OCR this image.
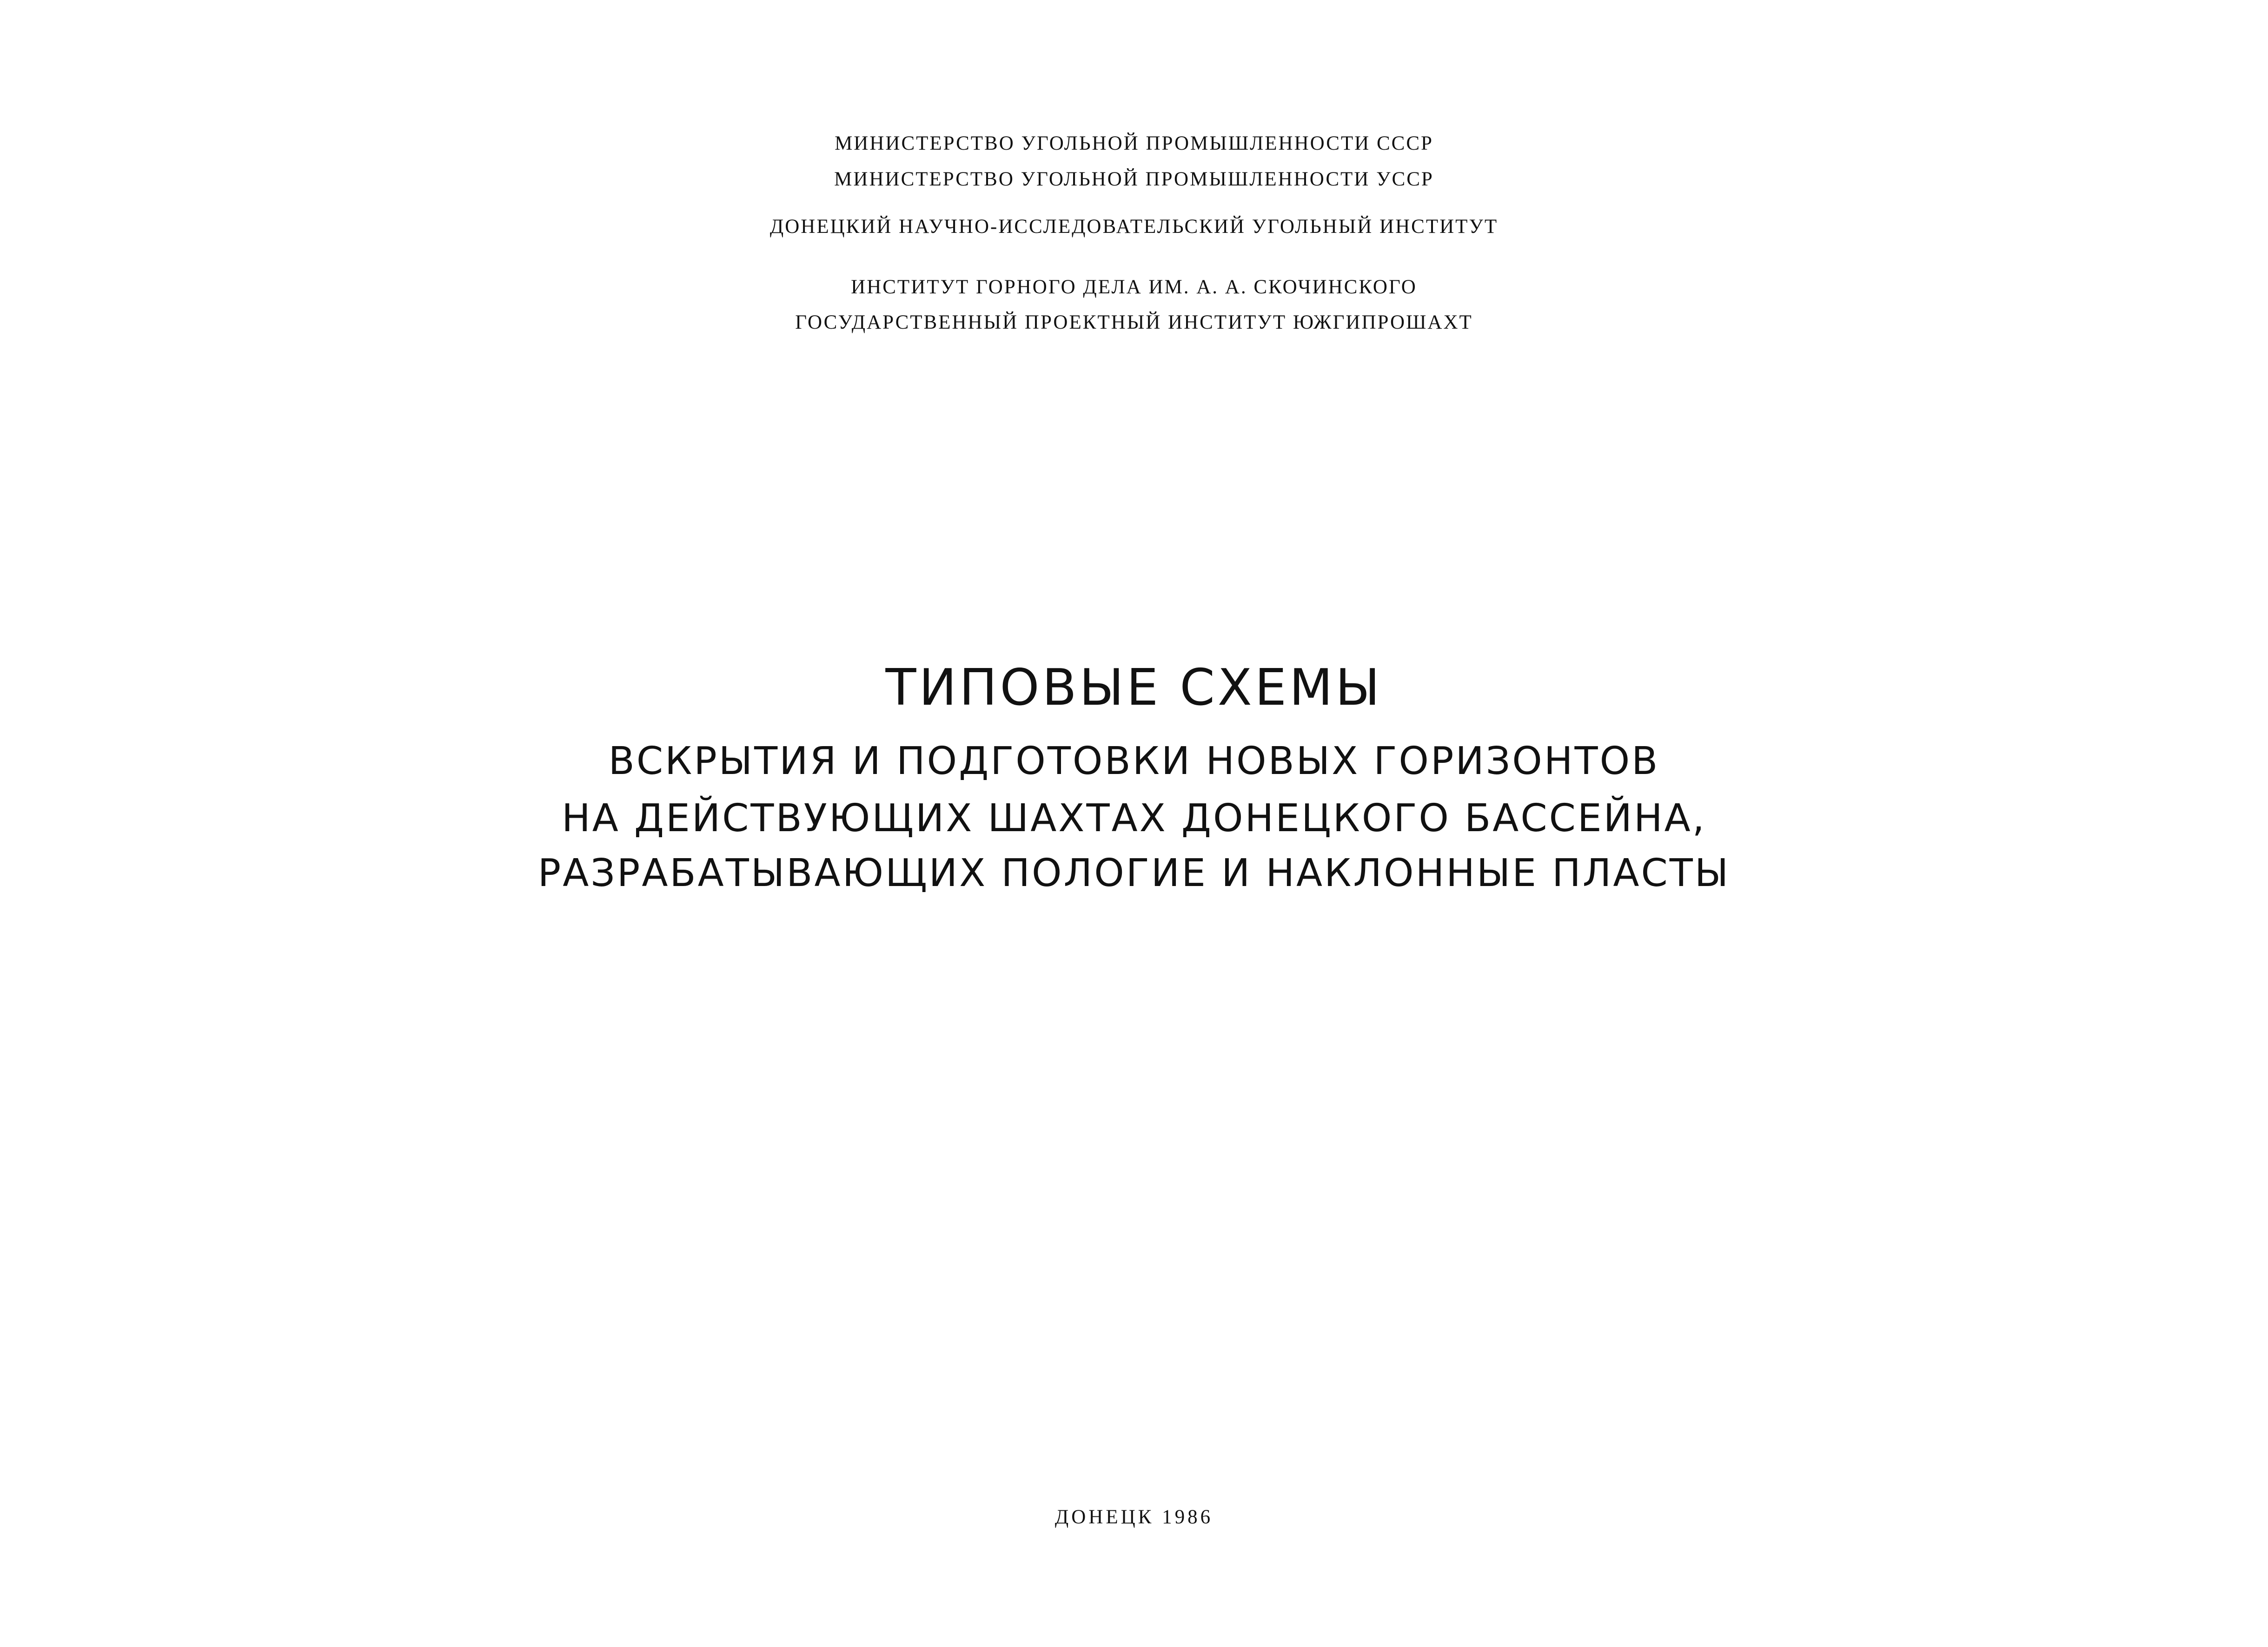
МИНИСТЕРСТВО УГОЛЬНОЙ ПРОМЫШЛЕННОСТИ СССР
МИНИСТЕРСТВО УГОЛЬНОЙ ПРОМЫШЛЕННОСТИ УССР
ДОНЕЦКИЙ НАУЧНО-ИССЛЕДОВАТЕЛЬСКИЙ УГОЛЬНЫЙ ИНСТИТУТ
ИНСТИТУТ ГОРНОГО ДЕЛА ИМ. А. А. СКОЧИНСКОГО
ГОСУДАРСТВЕННЫЙ ПРОЕКТНЫЙ ИНСТИТУТ ЮЖГИПРОШАХТ
ТИПОВЫЕ СХЕМЫ
ВСКРЫТИЯ И ПОДГОТОВКИ НОВЫХ ГОРИЗОНТОВ
НА ДЕЙСТВУЮЩИХ ШАХТАХ ДОНЕЦКОГО БАССЕЙНА,
РАЗРАБАТЫВАЮЩИХ ПОЛОГИЕ И НАКЛОННЫЕ ПЛАСТЫ
ДОНЕЦК 1986
